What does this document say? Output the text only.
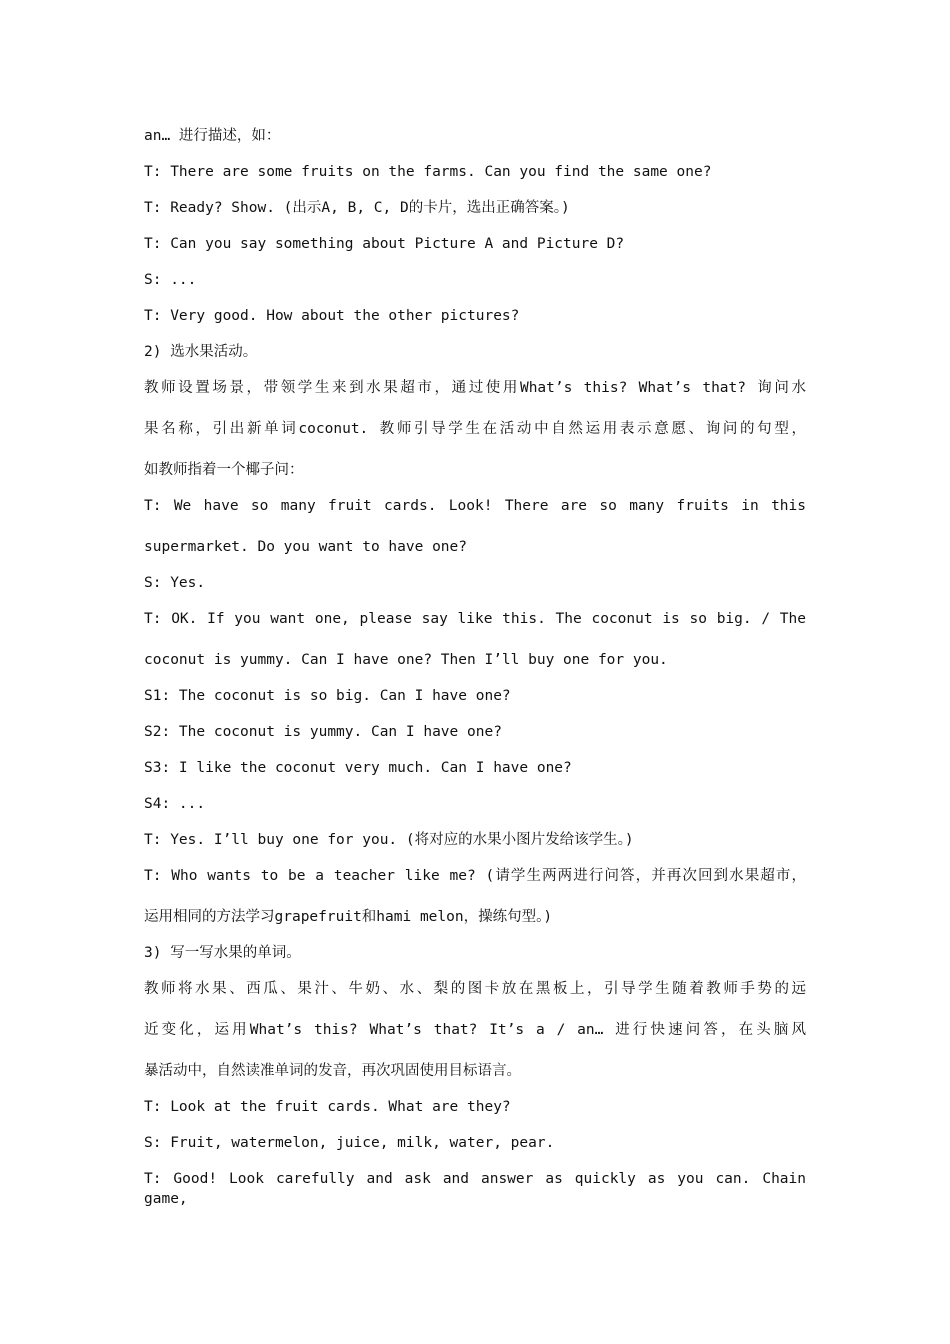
an… 进行描述，如：
T: There are some fruits on the farms. Can you find the same one?
T: Ready? Show. (出示A, B, C, D的卡片，选出正确答案。)
T: Can you say something about Picture A and Picture D?
S: ...
T: Very good. How about the other pictures?
2) 选水果活动。
教师设置场景，带领学生来到水果超市，通过使用What’s this? What’s that? 询问水
果名称，引出新单词coconut. 教师引导学生在活动中自然运用表示意愿、询问的句型，
如教师指着一个椰子问：
T: We have so many fruit cards. Look! There are so many fruits in this
supermarket. Do you want to have one?
S: Yes.
T: OK. If you want one, please say like this. The coconut is so big. / The
coconut is yummy. Can I have one? Then I’ll buy one for you.
S1: The coconut is so big. Can I have one?
S2: The coconut is yummy. Can I have one?
S3: I like the coconut very much. Can I have one?
S4: ...
T: Yes. I’ll buy one for you. (将对应的水果小图片发给该学生。)
T: Who wants to be a teacher like me? (请学生两两进行问答，并再次回到水果超市，
运用相同的方法学习grapefruit和hami melon，操练句型。)
3) 写一写水果的单词。
教师将水果、西瓜、果汁、牛奶、水、梨的图卡放在黑板上，引导学生随着教师手势的远
近变化，运用What’s this? What’s that? It’s a / an… 进行快速问答，在头脑风
暴活动中，自然读准单词的发音，再次巩固使用目标语言。
T: Look at the fruit cards. What are they?
S: Fruit, watermelon, juice, milk, water, pear.
T: Good! Look carefully and ask and answer as quickly as you can. Chain game,
